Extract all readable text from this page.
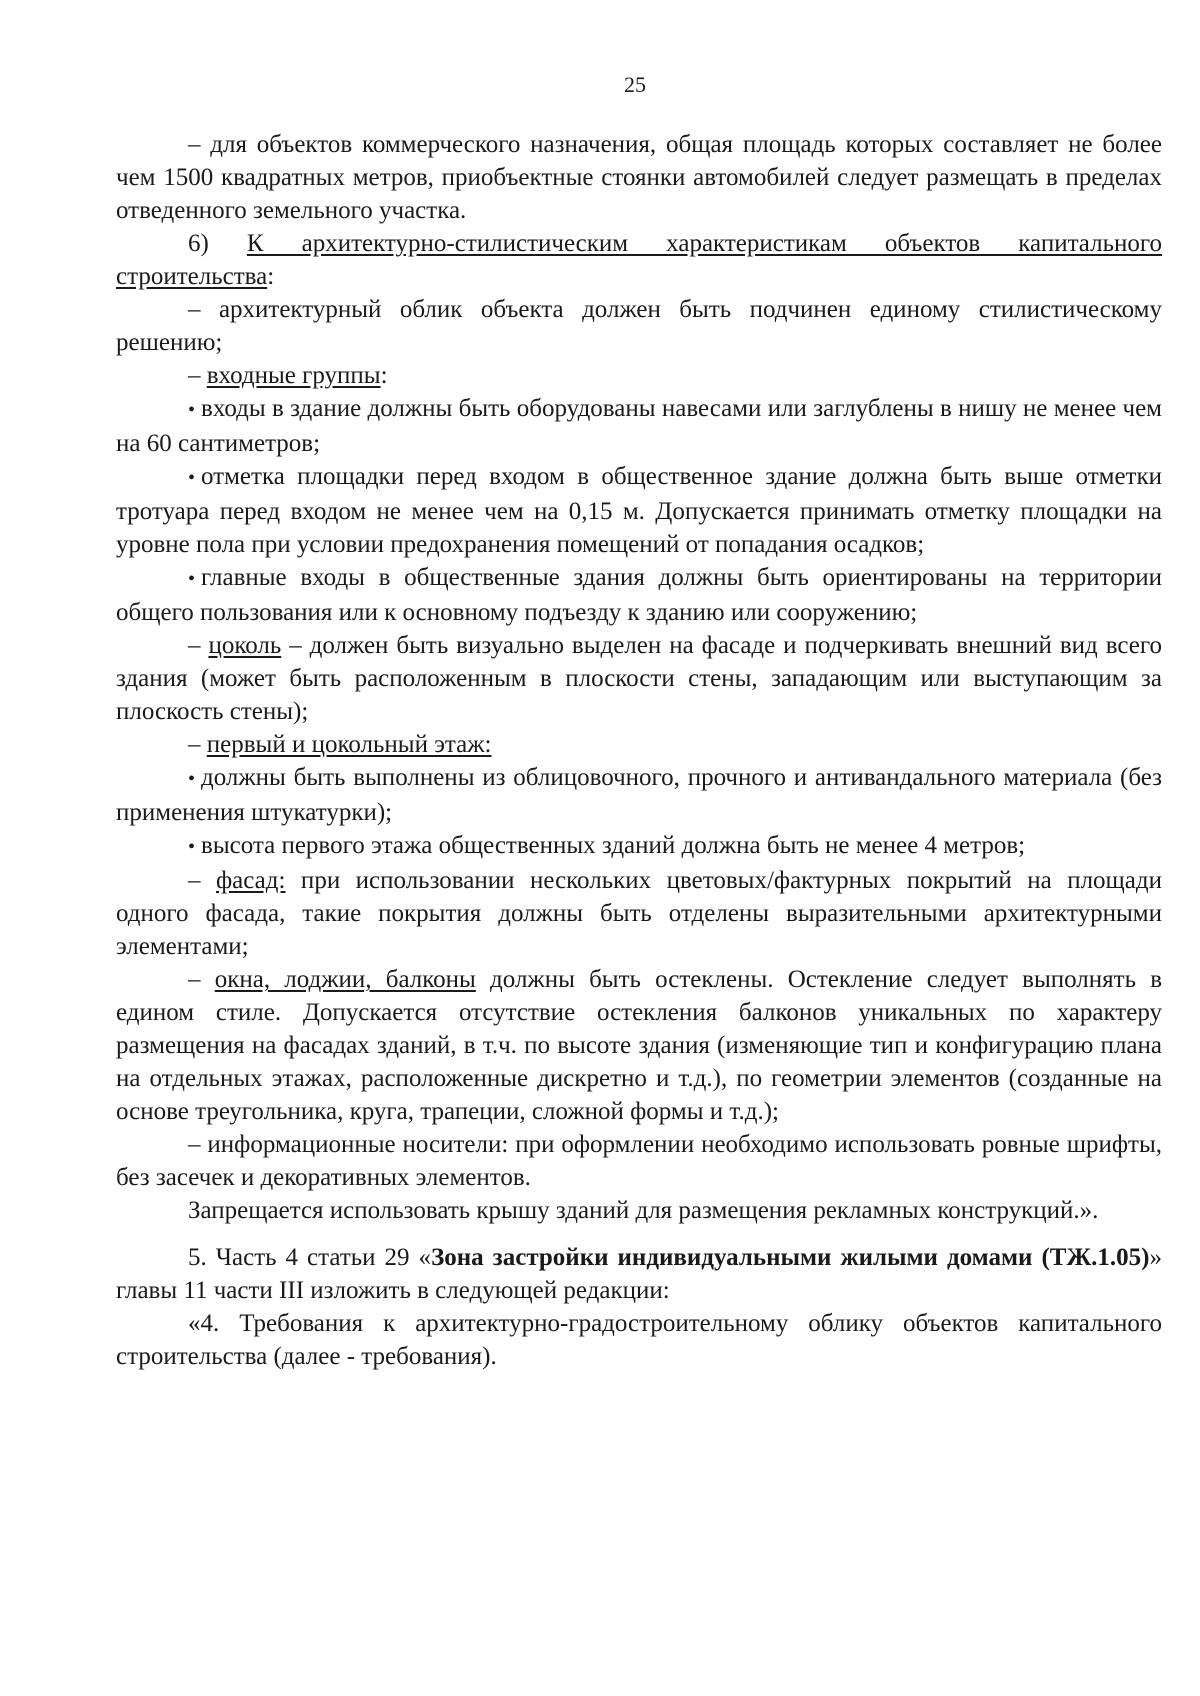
25

– для объектов коммерческого назначения, общая площадь которых составляет не более чем 1500 квадратных метров, приобъектные стоянки автомобилей следует размещать в пределах отведенного земельного участка.

6) К архитектурно-стилистическим характеристикам объектов капитального строительства:

– архитектурный облик объекта должен быть подчинен единому стилистическому решению;

– входные группы:

• входы в здание должны быть оборудованы навесами или заглублены в нишу не менее чем на 60 сантиметров;

• отметка площадки перед входом в общественное здание должна быть выше отметки тротуара перед входом не менее чем на 0,15 м. Допускается принимать отметку площадки на уровне пола при условии предохранения помещений от попадания осадков;

• главные входы в общественные здания должны быть ориентированы на территории общего пользования или к основному подъезду к зданию или сооружению;

– цоколь – должен быть визуально выделен на фасаде и подчеркивать внешний вид всего здания (может быть расположенным в плоскости стены, западающим или выступающим за плоскость стены);

– первый и цокольный этаж:

• должны быть выполнены из облицовочного, прочного и антивандального материала (без применения штукатурки);

• высота первого этажа общественных зданий должна быть не менее 4 метров;

– фасад: при использовании нескольких цветовых/фактурных покрытий на площади одного фасада, такие покрытия должны быть отделены выразительными архитектурными элементами;

– окна, лоджии, балконы должны быть остеклены. Остекление следует выполнять в едином стиле. Допускается отсутствие остекления балконов уникальных по характеру размещения на фасадах зданий, в т.ч. по высоте здания (изменяющие тип и конфигурацию плана на отдельных этажах, расположенные дискретно и т.д.), по геометрии элементов (созданные на основе треугольника, круга, трапеции, сложной формы и т.д.);

– информационные носители: при оформлении необходимо использовать ровные шрифты, без засечек и декоративных элементов.

Запрещается использовать крышу зданий для размещения рекламных конструкций.».

5. Часть 4 статьи 29 «Зона застройки индивидуальными жилыми домами (ТЖ.1.05)» главы 11 части III изложить в следующей редакции:

«4. Требования к архитектурно-градостроительному облику объектов капитального строительства (далее - требования).
